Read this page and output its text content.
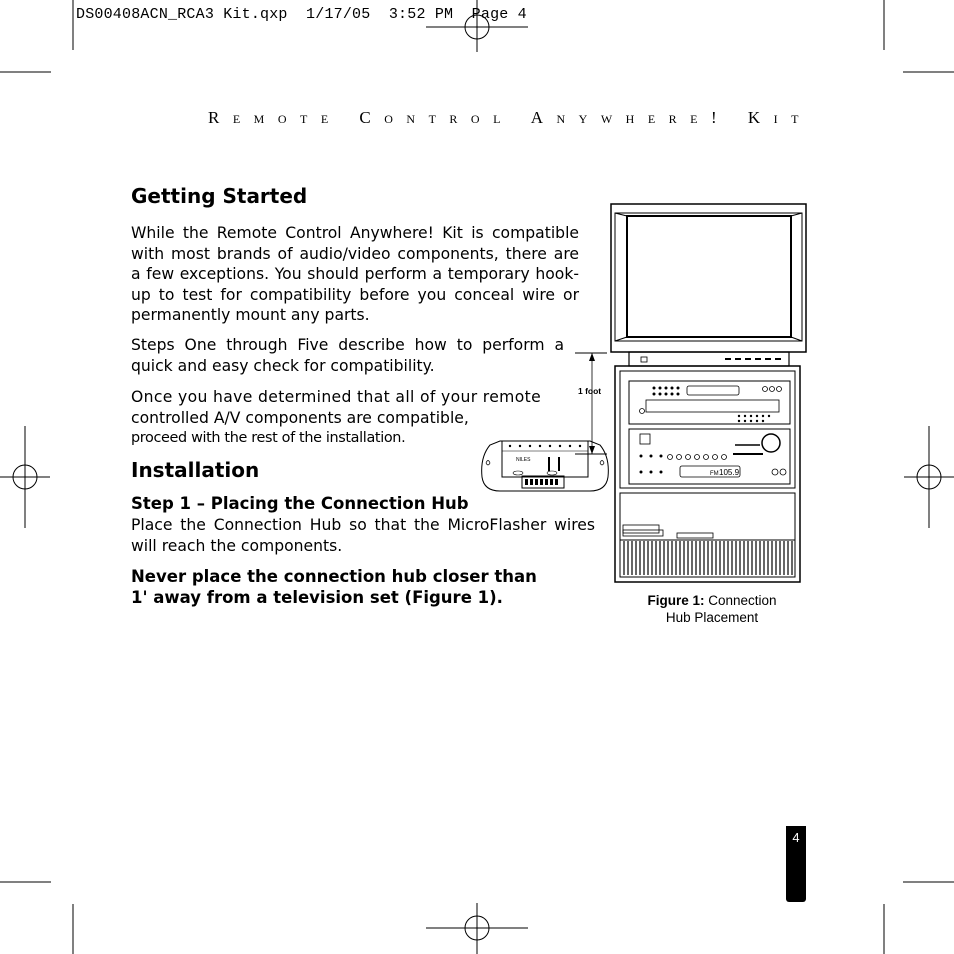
DS00408ACN_RCA3 Kit.qxp  1/17/05  3:52 PM  Page 4
Remote Control Anywhere! Kit
Getting Started
While the Remote Control Anywhere! Kit is compatible with most brands of audio/video components, there are a few exceptions. You should perform a temporary hook-up to test for compatibility before you conceal wire or permanently mount any parts.
Steps One through Five describe how to perform a quick and easy check for compatibility.
Once you have determined that all of your remote
controlled A/V components are compatible,
proceed with the rest of the installation.
Installation
Step 1 – Placing the Connection Hub
Place the Connection Hub so that the MicroFlasher wires will reach the components.
Never place the connection hub closer than
1' away from a television set (Figure 1).
NILES
1 foot
FM 105.9
Figure 1: Connection
Hub Placement
4
